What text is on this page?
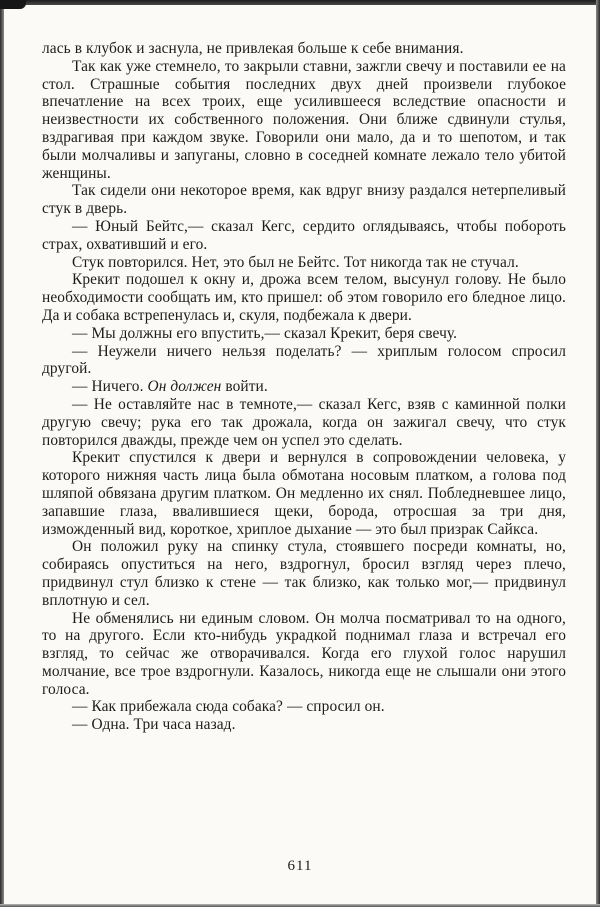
лась в клубок и заснула, не привлекая больше к себе внимания.

Так как уже стемнело, то закрыли ставни, зажгли свечу и поставили ее на стол. Страшные события последних двух дней произвели глубокое впечатление на всех троих, еще усилившееся вследствие опасности и неизвестности их собственного положения. Они ближе сдвинули стулья, вздрагивая при каждом звуке. Говорили они мало, да и то шепотом, и так были молчаливы и запуганы, словно в соседней комнате лежало тело убитой женщины.

Так сидели они некоторое время, как вдруг внизу раздался нетерпеливый стук в дверь.

— Юный Бейтс,— сказал Кегс, сердито оглядываясь, чтобы побороть страх, охвативший и его.

Стук повторился. Нет, это был не Бейтс. Тот никогда так не стучал.

Крекит подошел к окну и, дрожа всем телом, высунул голову. Не было необходимости сообщать им, кто пришел: об этом говорило его бледное лицо. Да и собака встрепенулась и, скуля, подбежала к двери.

— Мы должны его впустить,— сказал Крекит, беря свечу.

— Неужели ничего нельзя поделать? — хриплым голосом спросил другой.

— Ничего. Он должен войти.

— Не оставляйте нас в темноте,— сказал Кегс, взяв с каминной полки другую свечу; рука его так дрожала, когда он зажигал свечу, что стук повторился дважды, прежде чем он успел это сделать.

Крекит спустился к двери и вернулся в сопровождении человека, у которого нижняя часть лица была обмотана носовым платком, а голова под шляпой обвязана другим платком. Он медленно их снял. Побледневшее лицо, запавшие глаза, ввалившиеся щеки, борода, отросшая за три дня, изможденный вид, короткое, хриплое дыхание — это был призрак Сайкса.

Он положил руку на спинку стула, стоявшего посреди комнаты, но, собираясь опуститься на него, вздрогнул, бросил взгляд через плечо, придвинул стул близко к стене — так близко, как только мог,— придвинул вплотную и сел.

Не обменялись ни единым словом. Он молча посматривал то на одного, то на другого. Если кто-нибудь украдкой поднимал глаза и встречал его взгляд, то сейчас же отворачивался. Когда его глухой голос нарушил молчание, все трое вздрогнули. Казалось, никогда еще не слышали они этого голоса.

— Как прибежала сюда собака? — спросил он.

— Одна. Три часа назад.

611
